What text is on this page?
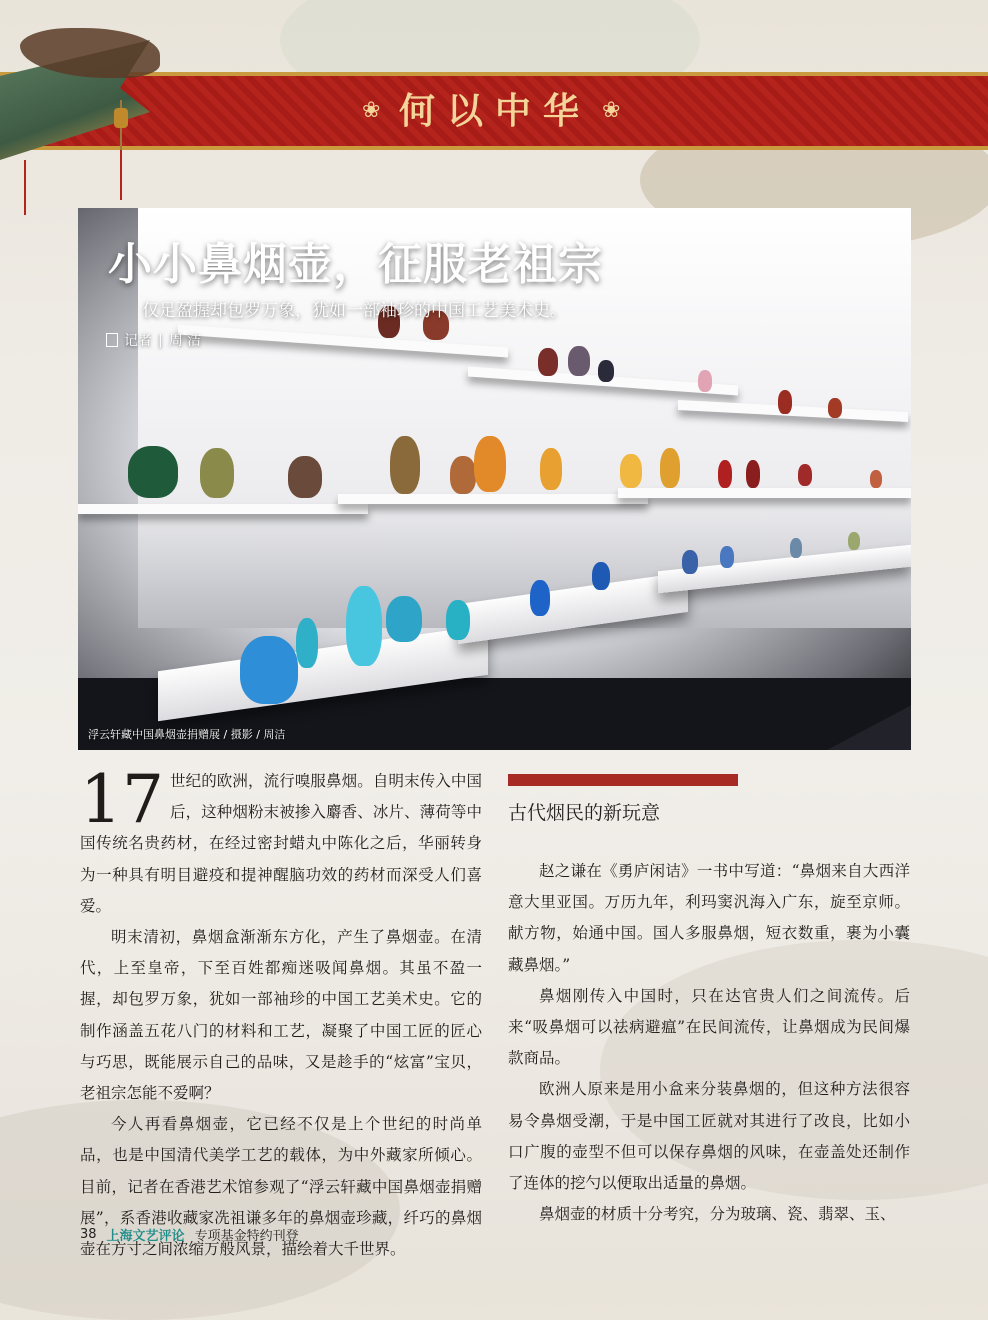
❀	❀
何以中华
小小鼻烟壶，征服老祖宗
仅足盈握却包罗万象，犹如一部袖珍的中国工艺美术史。
记者 | 周 洁
浮云轩藏中国鼻烟壶捐赠展 / 摄影 / 周洁

17 世纪的欧洲，流行嗅服鼻烟。自明末传入中国后，这种烟粉末被掺入麝香、冰片、薄荷等中国传统名贵药材，在经过密封蜡丸中陈化之后，华丽转身为一种具有明目避疫和提神醒脑功效的药材而深受人们喜爱。

明末清初，鼻烟盒渐渐东方化，产生了鼻烟壶。在清代，上至皇帝，下至百姓都痴迷吸闻鼻烟。其虽不盈一握，却包罗万象，犹如一部袖珍的中国工艺美术史。它的制作涵盖五花八门的材料和工艺，凝聚了中国工匠的匠心与巧思，既能展示自己的品味，又是趁手的“炫富”宝贝，老祖宗怎能不爱啊？

今人再看鼻烟壶，它已经不仅是上个世纪的时尚单品，也是中国清代美学工艺的载体，为中外藏家所倾心。目前，记者在香港艺术馆参观了“浮云轩藏中国鼻烟壶捐赠展”，系香港收藏家冼祖谦多年的鼻烟壶珍藏，纤巧的鼻烟壶在方寸之间浓缩万般风景，描绘着大千世界。

古代烟民的新玩意

赵之谦在《勇庐闲诘》一书中写道：“鼻烟来自大西洋意大里亚国。万历九年，利玛窦汎海入广东，旋至京师。献方物，始通中国。国人多服鼻烟，短衣数重，裹为小囊藏鼻烟。”

鼻烟刚传入中国时，只在达官贵人们之间流传。后来“吸鼻烟可以祛病避瘟”在民间流传，让鼻烟成为民间爆款商品。

欧洲人原来是用小盒来分装鼻烟的，但这种方法很容易令鼻烟受潮，于是中国工匠就对其进行了改良，比如小口广腹的壶型不但可以保存鼻烟的风味，在壶盖处还制作了连体的挖勺以便取出适量的鼻烟。

鼻烟壶的材质十分考究，分为玻璃、瓷、翡翠、玉、

38 上海文艺评论 专项基金特约刊登
